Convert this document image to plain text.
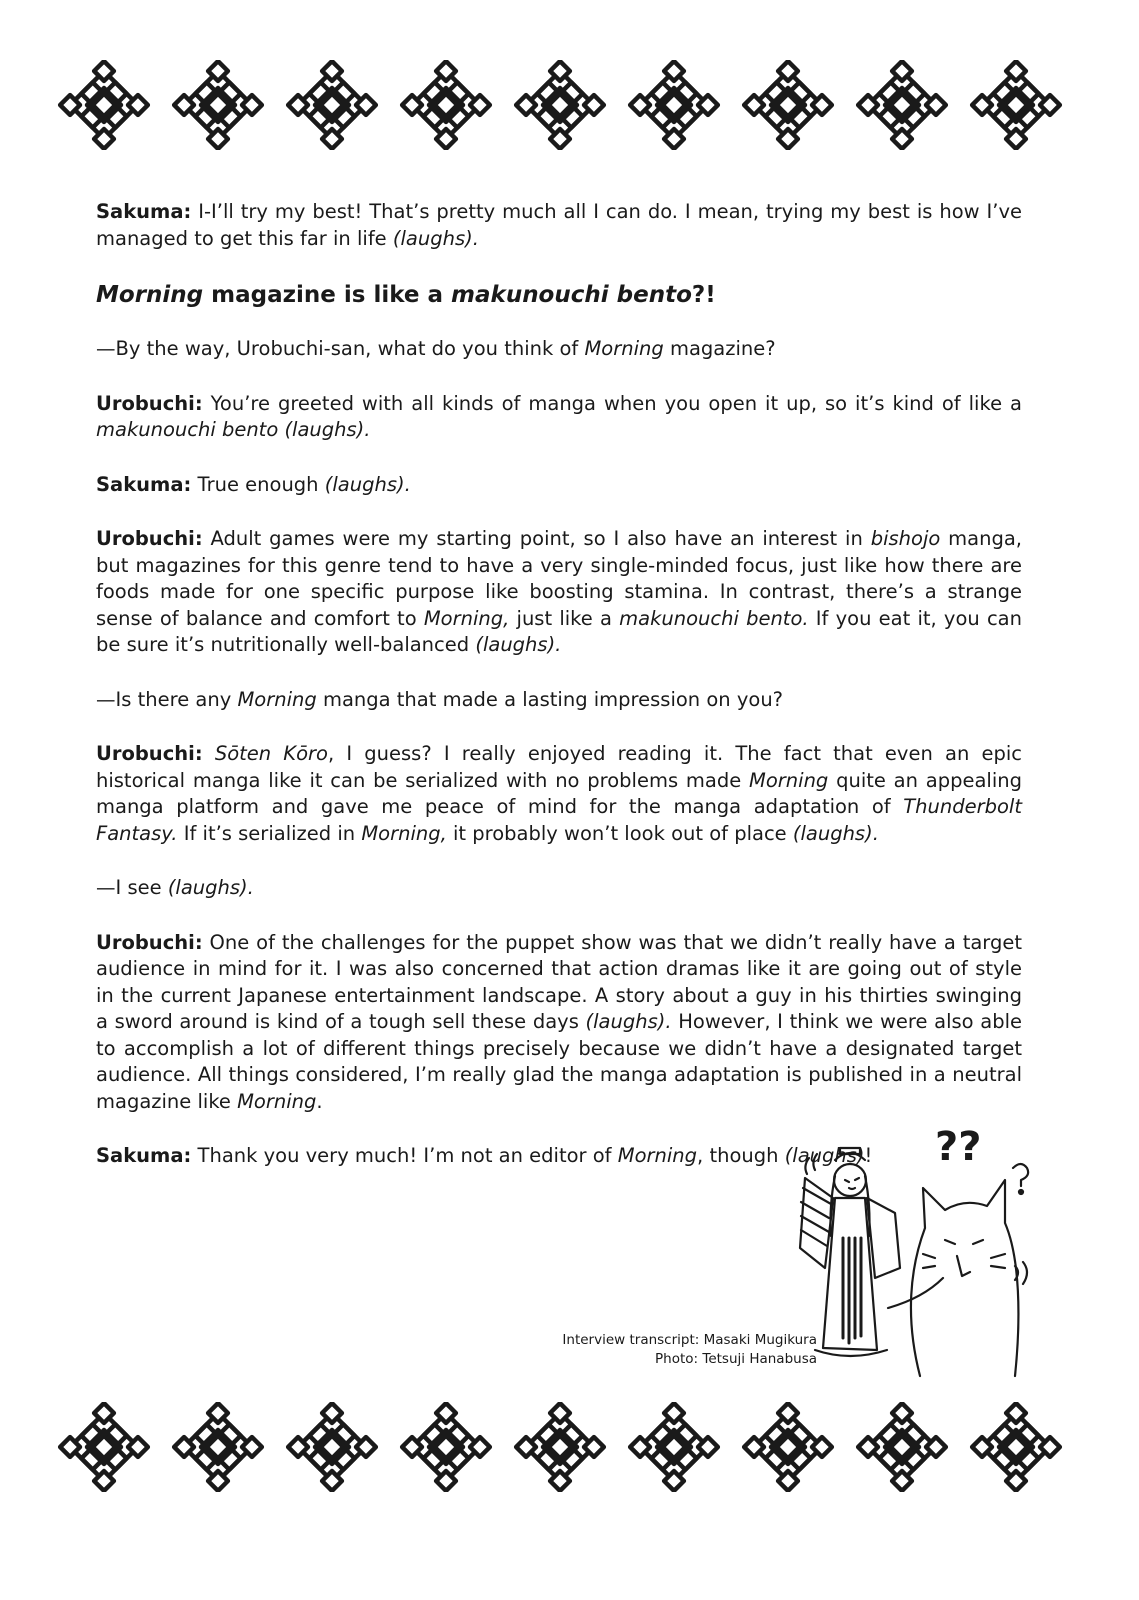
Sakuma: I-I’ll try my best! That’s pretty much all I can do. I mean, trying my best is how I’ve managed to get this far in life (laughs).

Morning magazine is like a makunouchi bento?!

—By the way, Urobuchi-san, what do you think of Morning magazine?

Urobuchi: You’re greeted with all kinds of manga when you open it up, so it’s kind of like a makunouchi bento (laughs).

Sakuma: True enough (laughs).

Urobuchi: Adult games were my starting point, so I also have an interest in bishojo manga, but magazines for this genre tend to have a very single-minded focus, just like how there are foods made for one specific purpose like boosting stamina. In contrast, there’s a strange sense of balance and comfort to Morning, just like a makunouchi bento. If you eat it, you can be sure it’s nutritionally well-balanced (laughs).

—Is there any Morning manga that made a lasting impression on you?

Urobuchi: Sōten Kōro, I guess? I really enjoyed reading it. The fact that even an epic historical manga like it can be serialized with no problems made Morning quite an appealing manga platform and gave me peace of mind for the manga adaptation of Thunderbolt Fantasy. If it’s serialized in Morning, it probably won’t look out of place (laughs).

—I see (laughs).

Urobuchi: One of the challenges for the puppet show was that we didn’t really have a target audience in mind for it. I was also concerned that action dramas like it are going out of style in the current Japanese entertainment landscape. A story about a guy in his thirties swinging a sword around is kind of a tough sell these days (laughs). However, I think we were also able to accomplish a lot of different things precisely because we didn’t have a designated target audience. All things considered, I’m really glad the manga adaptation is published in a neutral magazine like Morning.

Sakuma: Thank you very much! I’m not an editor of Morning, though (laughs)!	??
Interview transcript: Masaki Mugikura
Photo: Tetsuji Hanabusa
